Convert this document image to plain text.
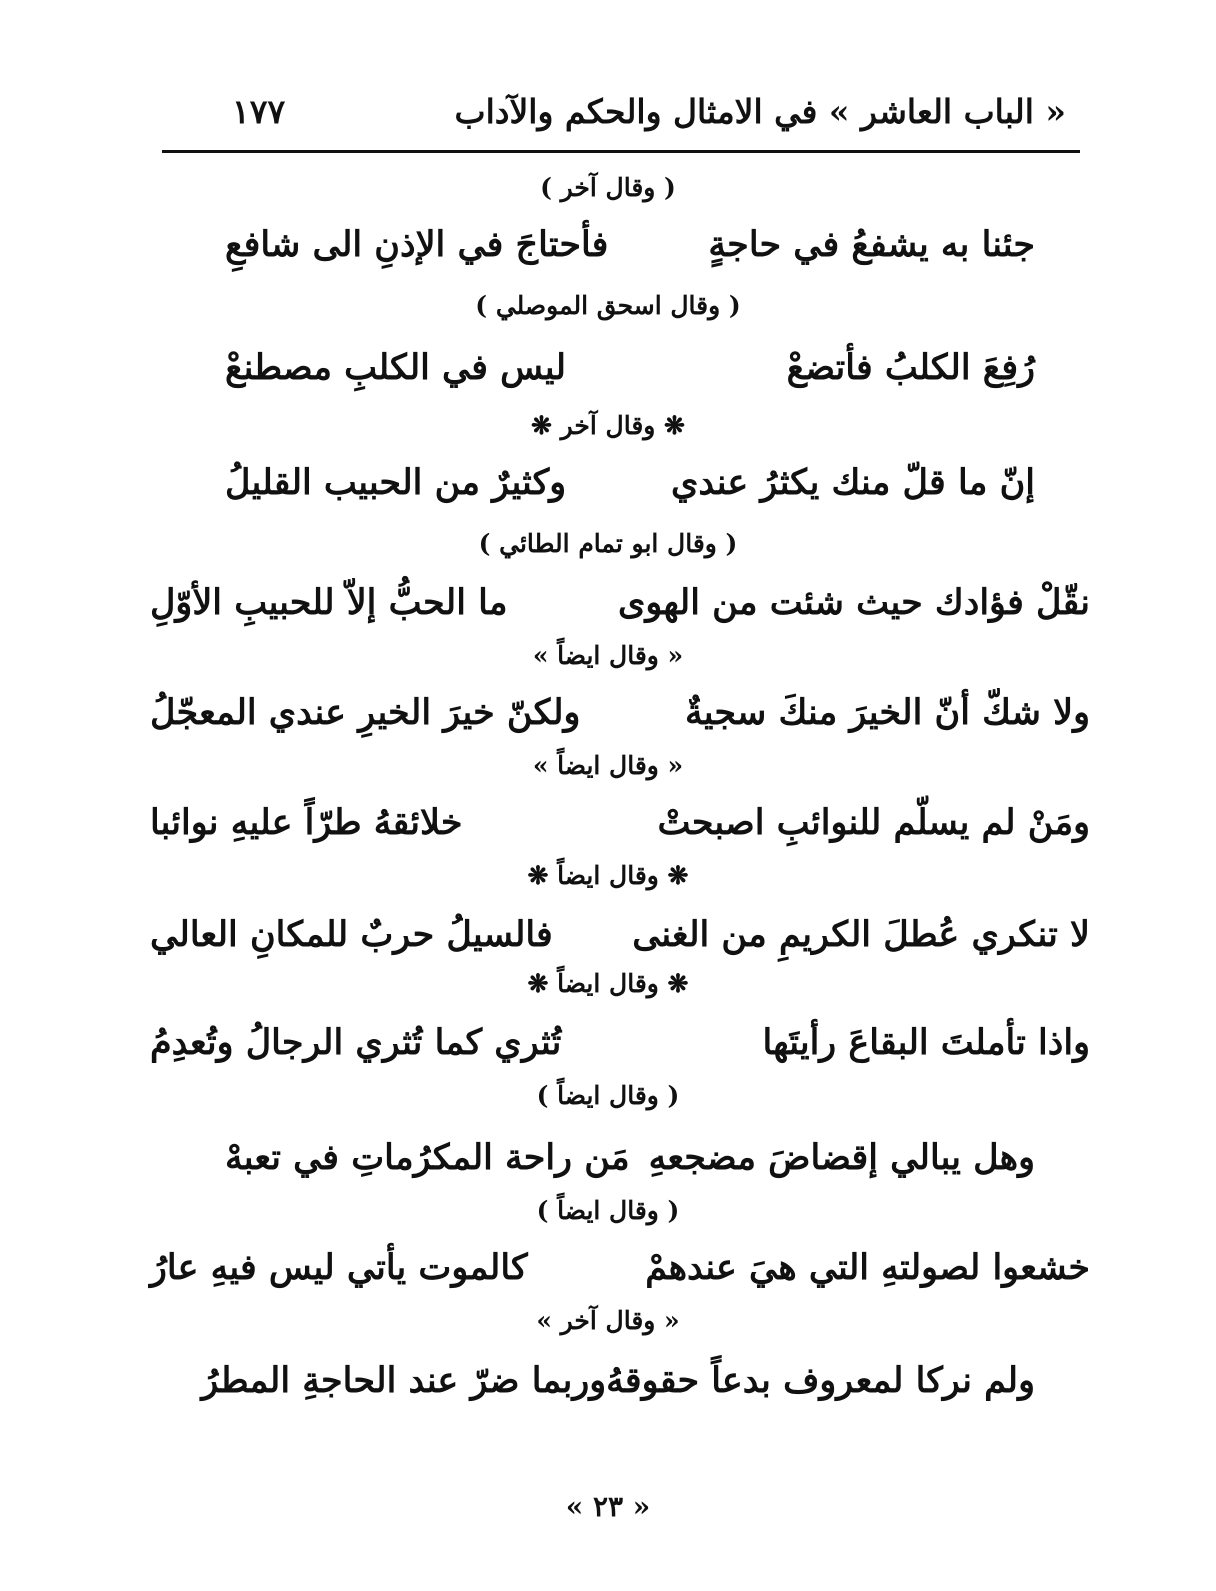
« الباب العاشر » في الامثال والحكم والآداب
١٧٧
( وقال آخر )
جئنا به يشفعُ في حاجةٍ
فأحتاجَ في الإذنِ الى شافعِ
( وقال اسحق الموصلي )
رُفِعَ الكلبُ فأتضعْ
ليس في الكلبِ مصطنعْ
❋ وقال آخر ❋
إنّ ما قلّ منك يكثرُ عندي
وكثيرٌ من الحبيب القليلُ
( وقال ابو تمام الطائي )
نقّلْ فؤادك حيث شئت من الهوى
ما الحبُّ إلاّ للحبيبِ الأوّلِ
« وقال ايضاً »
ولا شكّ أنّ الخيرَ منكَ سجيةٌ
ولكنّ خيرَ الخيرِ عندي المعجّلُ
« وقال ايضاً »
ومَنْ لم يسلّم للنوائبِ اصبحتْ
خلائقهُ طرّاً عليهِ نوائبا
❋ وقال ايضاً ❋
لا تنكري عُطلَ الكريمِ من الغنى
فالسيلُ حربٌ للمكانِ العالي
❋ وقال ايضاً ❋
واذا تأملتَ البقاعَ رأيتَها
تُثري كما تُثري الرجالُ وتُعدِمُ
( وقال ايضاً )
وهل يبالي إقضاضَ مضجعهِ
مَن راحة المكرُماتِ في تعبهْ
( وقال ايضاً )
خشعوا لصولتهِ التي هيَ عندهمْ
كالموت يأتي ليس فيهِ عارُ
« وقال آخر »
ولم نركا لمعروف بدعاً حقوقهُ
وربما ضرّ عند الحاجةِ المطرُ
« ٢٣ »
